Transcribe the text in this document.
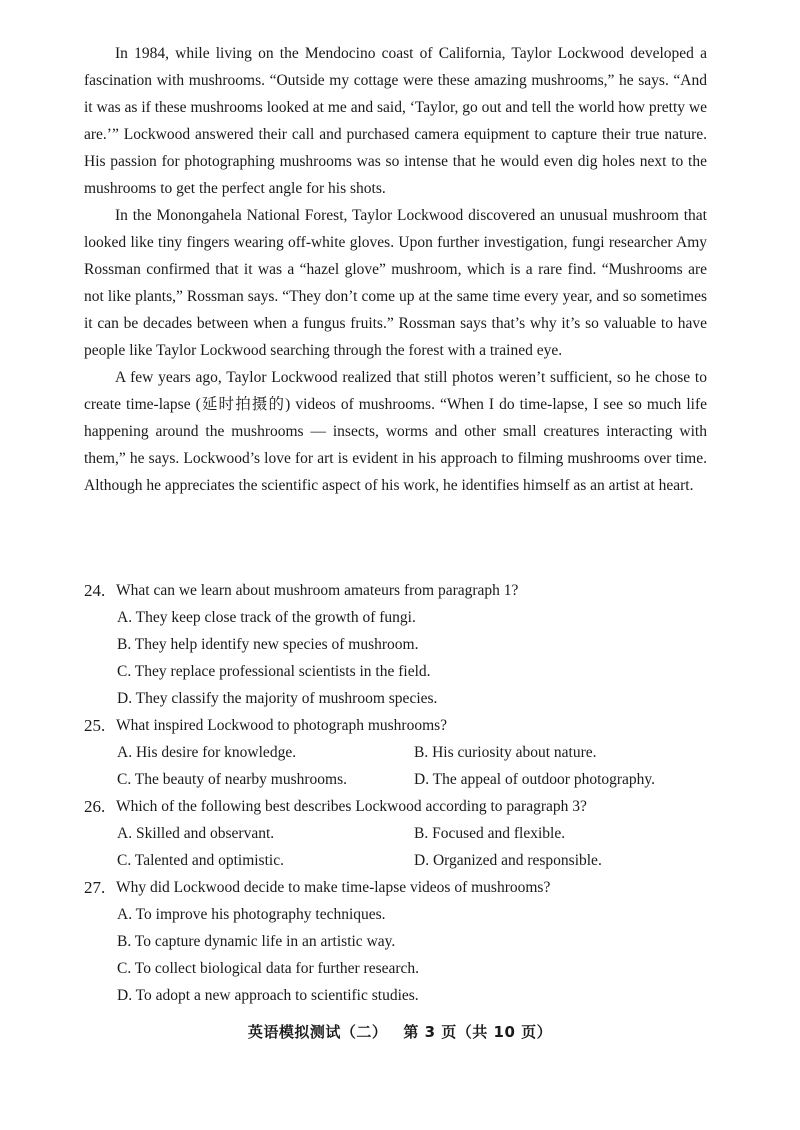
In 1984, while living on the Mendocino coast of California, Taylor Lockwood developed a fascination with mushrooms. “Outside my cottage were these amazing mushrooms,” he says. “And it was as if these mushrooms looked at me and said, ‘Taylor, go out and tell the world how pretty we are.’” Lockwood answered their call and purchased camera equipment to capture their true nature. His passion for photographing mushrooms was so intense that he would even dig holes next to the mushrooms to get the perfect angle for his shots.

In the Monongahela National Forest, Taylor Lockwood discovered an unusual mushroom that looked like tiny fingers wearing off-white gloves. Upon further investigation, fungi researcher Amy Rossman confirmed that it was a “hazel glove” mushroom, which is a rare find. “Mushrooms are not like plants,” Rossman says. “They don’t come up at the same time every year, and so sometimes it can be decades between when a fungus fruits.” Rossman says that’s why it’s so valuable to have people like Taylor Lockwood searching through the forest with a trained eye.

A few years ago, Taylor Lockwood realized that still photos weren’t sufficient, so he chose to create time-lapse (延时拍摄的) videos of mushrooms. “When I do time-lapse, I see so much life happening around the mushrooms — insects, worms and other small creatures interacting with them,” he says. Lockwood’s love for art is evident in his approach to filming mushrooms over time. Although he appreciates the scientific aspect of his work, he identifies himself as an artist at heart.

24. What can we learn about mushroom amateurs from paragraph 1?
A. They keep close track of the growth of fungi.
B. They help identify new species of mushroom.
C. They replace professional scientists in the field.
D. They classify the majority of mushroom species.
25. What inspired Lockwood to photograph mushrooms?
A. His desire for knowledge.	B. His curiosity about nature.
C. The beauty of nearby mushrooms.	D. The appeal of outdoor photography.
26. Which of the following best describes Lockwood according to paragraph 3?
A. Skilled and observant.	B. Focused and flexible.
C. Talented and optimistic.	D. Organized and responsible.
27. Why did Lockwood decide to make time-lapse videos of mushrooms?
A. To improve his photography techniques.
B. To capture dynamic life in an artistic way.
C. To collect biological data for further research.
D. To adopt a new approach to scientific studies.
英语模拟测试（二） 第 3 页（共 10 页）
